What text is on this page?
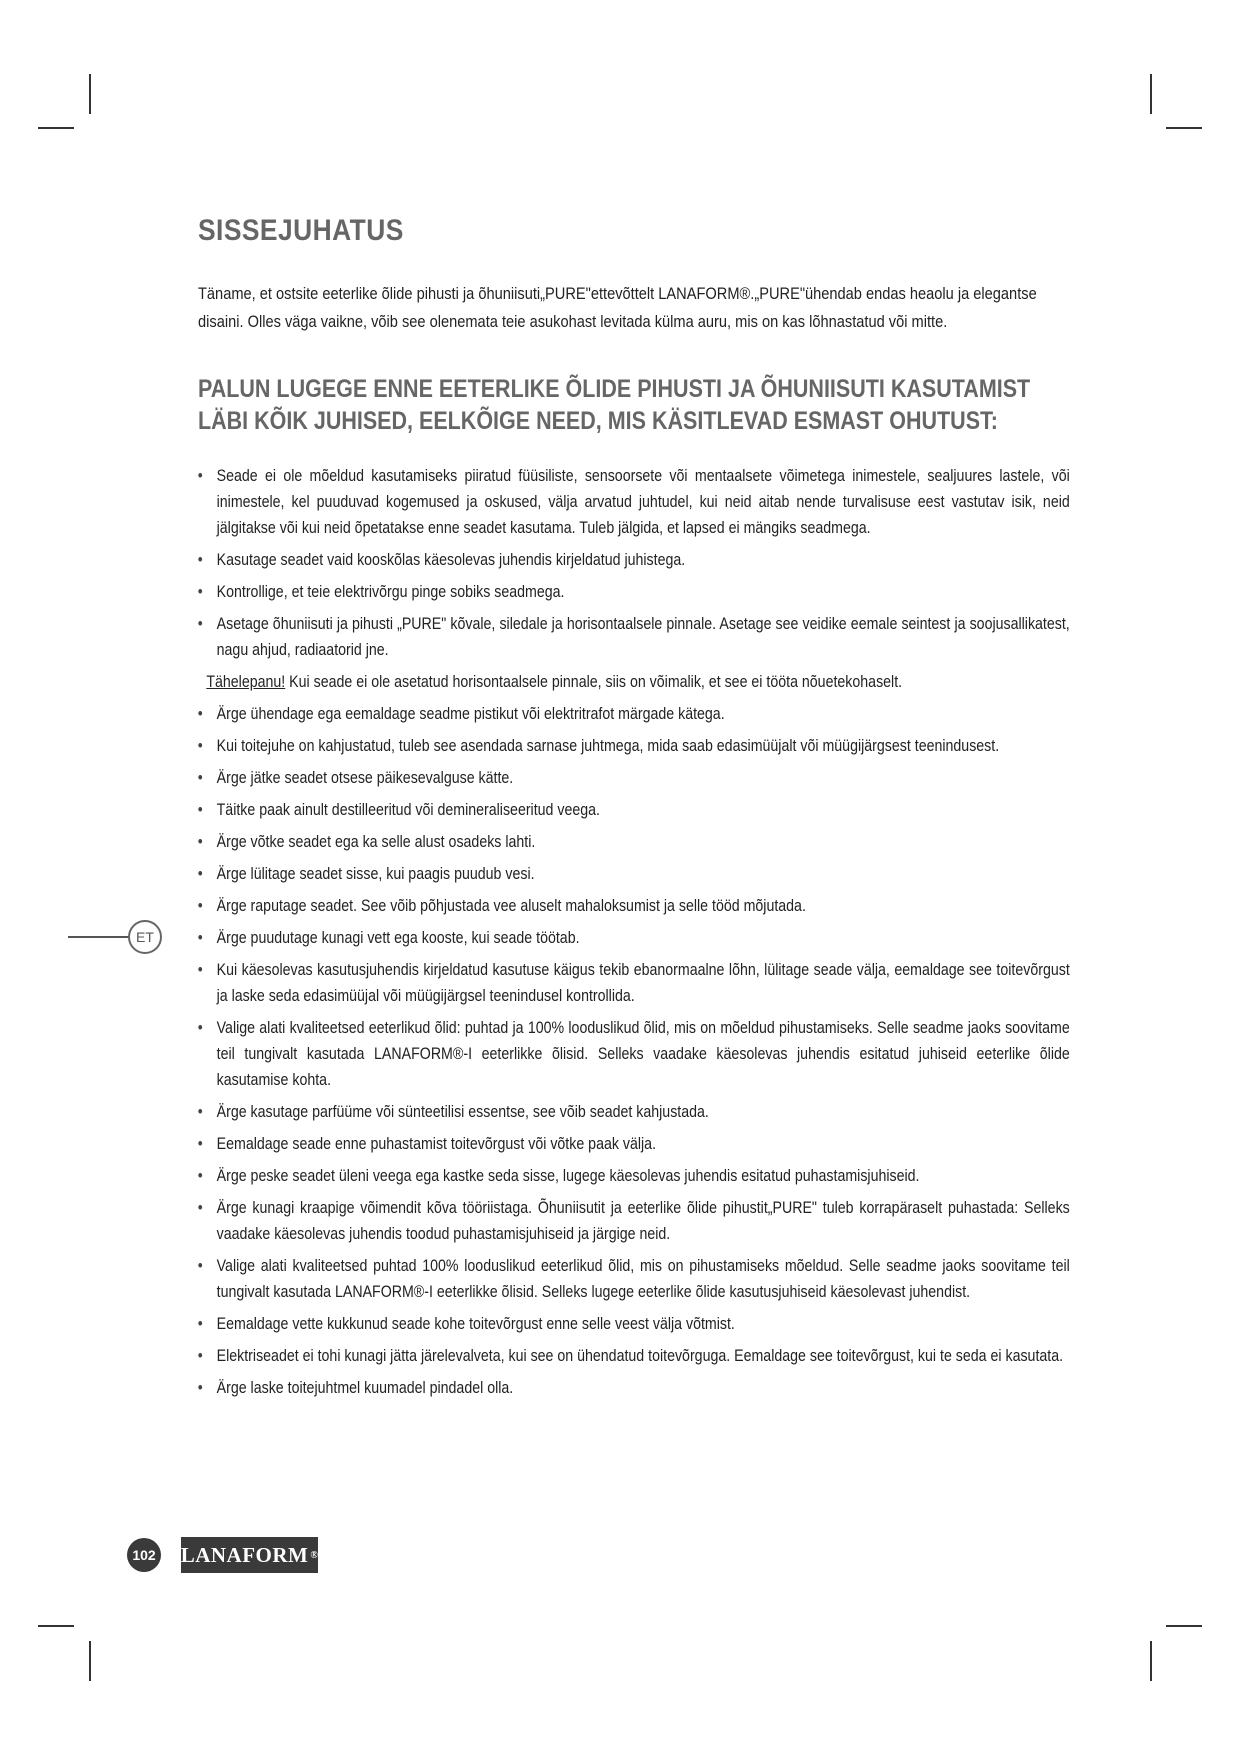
SISSEJUHATUS

Täname, et ostsite eeterlike õlide pihusti ja õhuniisuti„PURE"ettevõttelt LANAFORM®.„PURE"ühendab endas heaolu ja elegantse disaini. Olles väga vaikne, võib see olenemata teie asukohast levitada külma auru, mis on kas lõhnastatud või mitte.

PALUN LUGEGE ENNE EETERLIKE ÕLIDE PIHUSTI JA ÕHUNIISUTI KASUTAMIST LÄBI KÕIK JUHISED, EELKÕIGE NEED, MIS KÄSITLEVAD ESMAST OHUTUST:
• Seade ei ole mõeldud kasutamiseks piiratud füüsiliste, sensoorsete või mentaalsete võimetega inimestele, sealjuures lastele, või inimestele, kel puuduvad kogemused ja oskused, välja arvatud juhtudel, kui neid aitab nende turvalisuse eest vastutav isik, neid jälgitakse või kui neid õpetatakse enne seadet kasutama. Tuleb jälgida, et lapsed ei mängiks seadmega.
• Kasutage seadet vaid kooskõlas käesolevas juhendis kirjeldatud juhistega.
• Kontrollige, et teie elektrivõrgu pinge sobiks seadmega.
• Asetage õhuniisuti ja pihusti „PURE" kõvale, siledale ja horisontaalsele pinnale. Asetage see veidike eemale seintest ja soojusallikatest, nagu ahjud, radiaatorid jne.
Tähelepanu! Kui seade ei ole asetatud horisontaalsele pinnale, siis on võimalik, et see ei tööta nõuetekohaselt.
• Ärge ühendage ega eemaldage seadme pistikut või elektritrafot märgade kätega.
• Kui toitejuhe on kahjustatud, tuleb see asendada sarnase juhtmega, mida saab edasimüüjalt või müügijärgsest teenindusest.
• Ärge jätke seadet otsese päikesevalguse kätte.
• Täitke paak ainult destilleeritud või demineraliseeritud veega.
• Ärge võtke seadet ega ka selle alust osadeks lahti.
• Ärge lülitage seadet sisse, kui paagis puudub vesi.
• Ärge raputage seadet. See võib põhjustada vee aluselt mahaloksumist ja selle tööd mõjutada.
• Ärge puudutage kunagi vett ega kooste, kui seade töötab.
• Kui käesolevas kasutusjuhendis kirjeldatud kasutuse käigus tekib ebanormaalne lõhn, lülitage seade välja, eemaldage see toitevõrgust ja laske seda edasimüüjal või müügijärgsel teenindusel kontrollida.
• Valige alati kvaliteetsed eeterlikud õlid: puhtad ja 100% looduslikud õlid, mis on mõeldud pihustamiseks. Selle seadme jaoks soovitame teil tungivalt kasutada LANAFORM®-I eeterlikke õlisid. Selleks vaadake käesolevas juhendis esitatud juhiseid eeterlike õlide kasutamise kohta.
• Ärge kasutage parfüüme või sünteetilisi essentse, see võib seadet kahjustada.
• Eemaldage seade enne puhastamist toitevõrgust või võtke paak välja.
• Ärge peske seadet üleni veega ega kastke seda sisse, lugege käesolevas juhendis esitatud puhastamisjuhiseid.
• Ärge kunagi kraapige võimendit kõva tööriistaga. Õhuniisutit ja eeterlike õlide pihustit„PURE" tuleb korrapäraselt puhastada: Selleks vaadake käesolevas juhendis toodud puhastamisjuhiseid ja järgige neid.
• Valige alati kvaliteetsed puhtad 100% looduslikud eeterlikud õlid, mis on pihustamiseks mõeldud. Selle seadme jaoks soovitame teil tungivalt kasutada LANAFORM®-I eeterlikke õlisid. Selleks lugege eeterlike õlide kasutusjuhiseid käesolevast juhendist.
• Eemaldage vette kukkunud seade kohe toitevõrgust enne selle veest välja võtmist.
• Elektriseadet ei tohi kunagi jätta järelevalveta, kui see on ühendatud toitevõrguga. Eemaldage see toitevõrgust, kui te seda ei kasutata.
• Ärge laske toitejuhtmel kuumadel pindadel olla.
ET
102 LANAFORM ®
